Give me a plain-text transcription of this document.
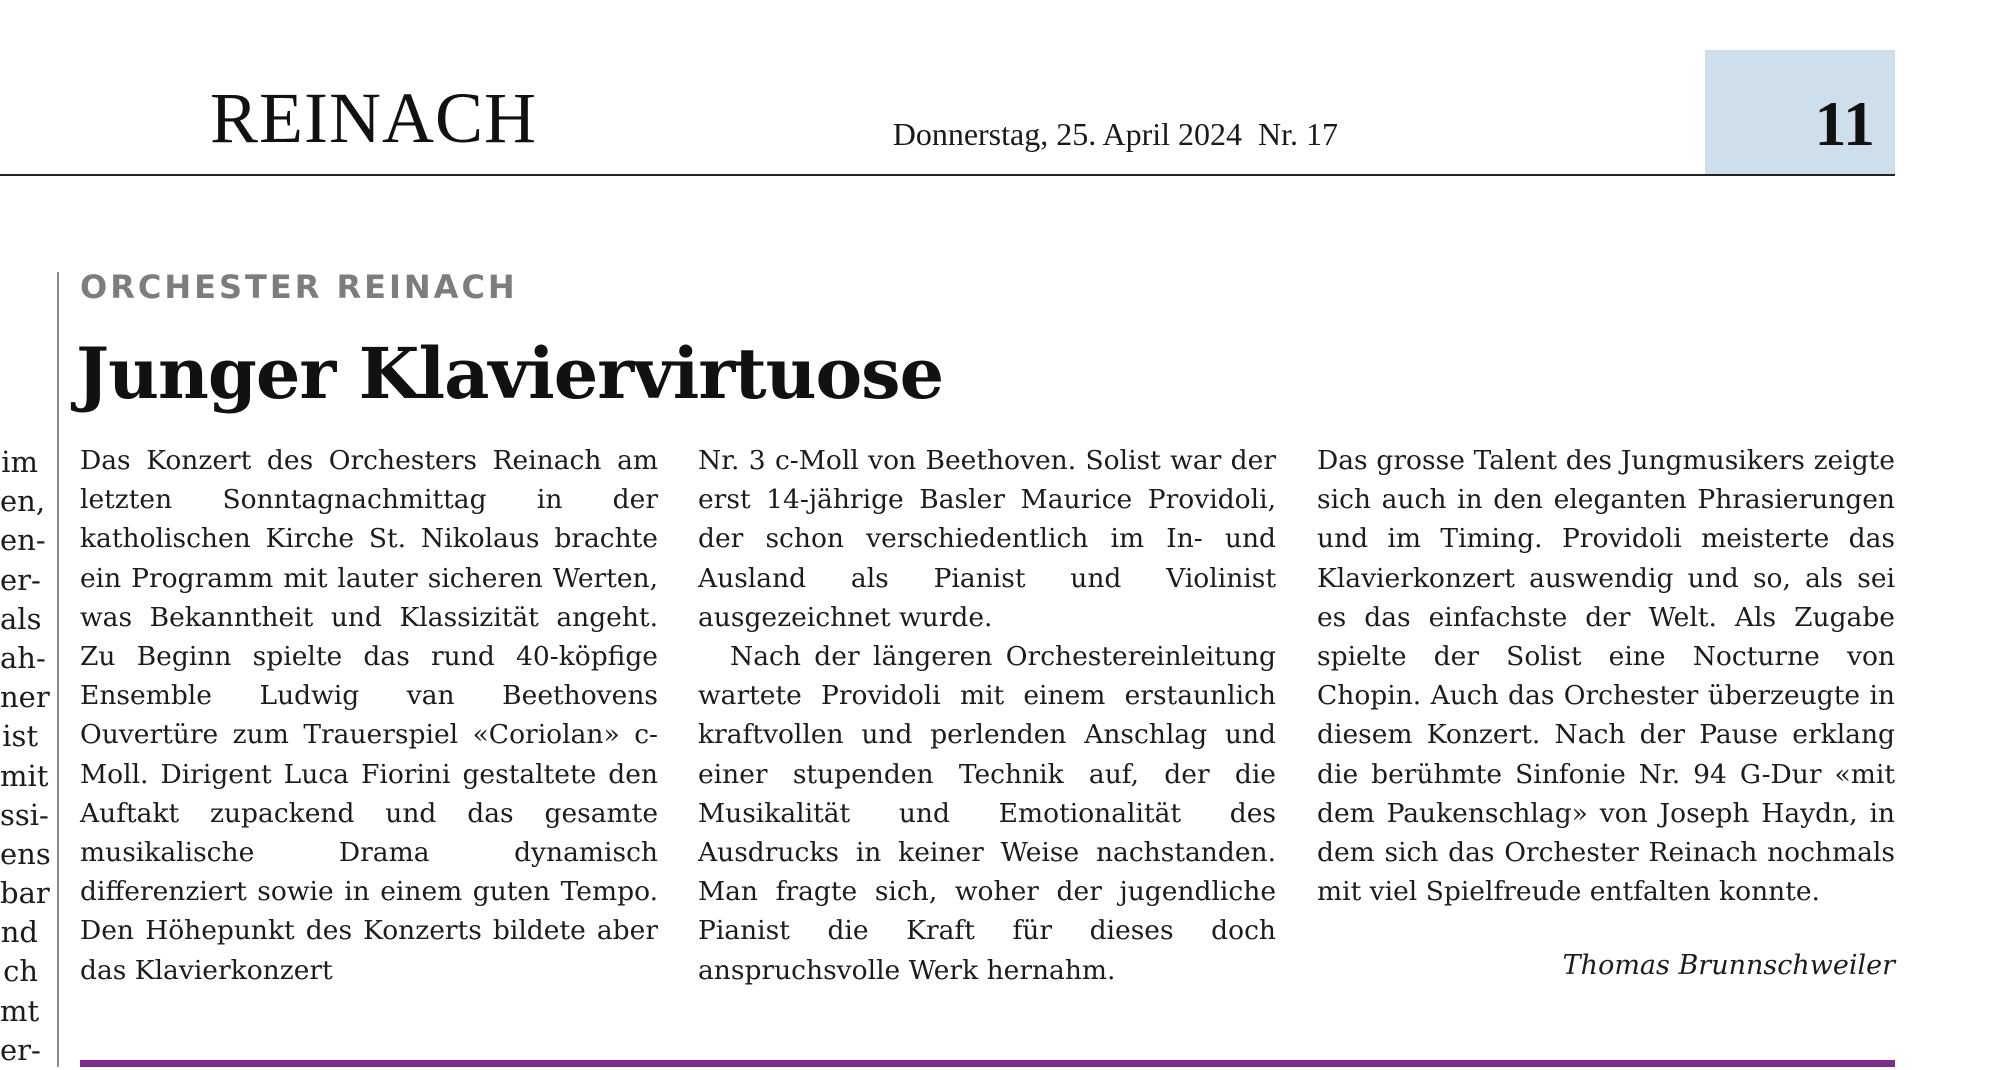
REINACH	Donnerstag, 25. April 2024 Nr. 17	11
im
en,
en-
er-
als
ah-
ner
ist
mit
ssi-
ens
bar
nd
ch
mt
er-
ORCHESTER REINACH
Junger Klaviervirtuose

Das Konzert des Orchesters Reinach am letzten Sonntagnachmittag in der katholischen Kirche St. Nikolaus brachte ein Programm mit lauter sicheren Werten, was Bekanntheit und Klassizität angeht. Zu Beginn spielte das rund 40-köpfige Ensemble Ludwig van Beethovens Ouvertüre zum Trauerspiel «Coriolan» c-Moll. Dirigent Luca Fiorini gestaltete den Auftakt zupackend und das gesamte musikalische Drama dynamisch differenziert sowie in einem guten Tempo. Den Höhepunkt des Konzerts bildete aber das Klavierkonzert

Nr. 3 c-Moll von Beethoven. Solist war der erst 14-jährige Basler Maurice Providoli, der schon verschiedentlich im In- und Ausland als Pianist und Violinist ausgezeichnet wurde.

Nach der längeren Orchestereinleitung wartete Providoli mit einem erstaunlich kraftvollen und perlenden Anschlag und einer stupenden Technik auf, der die Musikalität und Emotionalität des Ausdrucks in keiner Weise nachstanden. Man fragte sich, woher der jugendliche Pianist die Kraft für dieses doch anspruchsvolle Werk hernahm.

Das grosse Talent des Jungmusikers zeigte sich auch in den eleganten Phrasierungen und im Timing. Providoli meisterte das Klavierkonzert auswendig und so, als sei es das einfachste der Welt. Als Zugabe spielte der Solist eine Nocturne von Chopin. Auch das Orchester überzeugte in diesem Konzert. Nach der Pause erklang die berühmte Sinfonie Nr. 94 G-Dur «mit dem Paukenschlag» von Joseph Haydn, in dem sich das Orchester Reinach nochmals mit viel Spielfreude entfalten konnte.

Thomas Brunnschweiler
